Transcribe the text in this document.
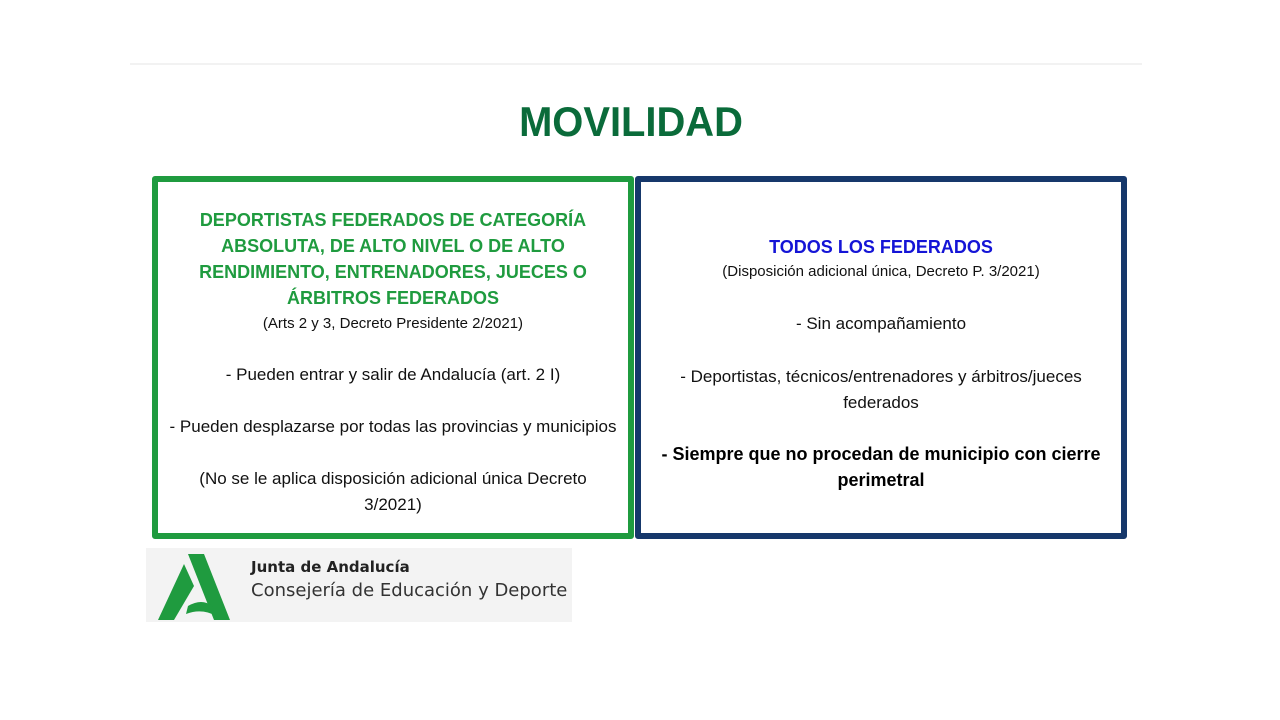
MOVILIDAD

DEPORTISTAS FEDERADOS DE CATEGORÍA ABSOLUTA, DE ALTO NIVEL O DE ALTO RENDIMIENTO, ENTRENADORES, JUECES O ÁRBITROS FEDERADOS

(Arts 2 y 3, Decreto Presidente 2/2021)

- Pueden entrar y salir de Andalucía (art. 2 I)

- Pueden desplazarse por todas las provincias y municipios

(No se le aplica disposición adicional única Decreto 3/2021)

TODOS LOS FEDERADOS

(Disposición adicional única, Decreto P. 3/2021)

- Sin acompañamiento

- Deportistas, técnicos/entrenadores y árbitros/jueces federados

- Siempre que no procedan de municipio con cierre perimetral

Junta de Andalucía
Consejería de Educación y Deporte
